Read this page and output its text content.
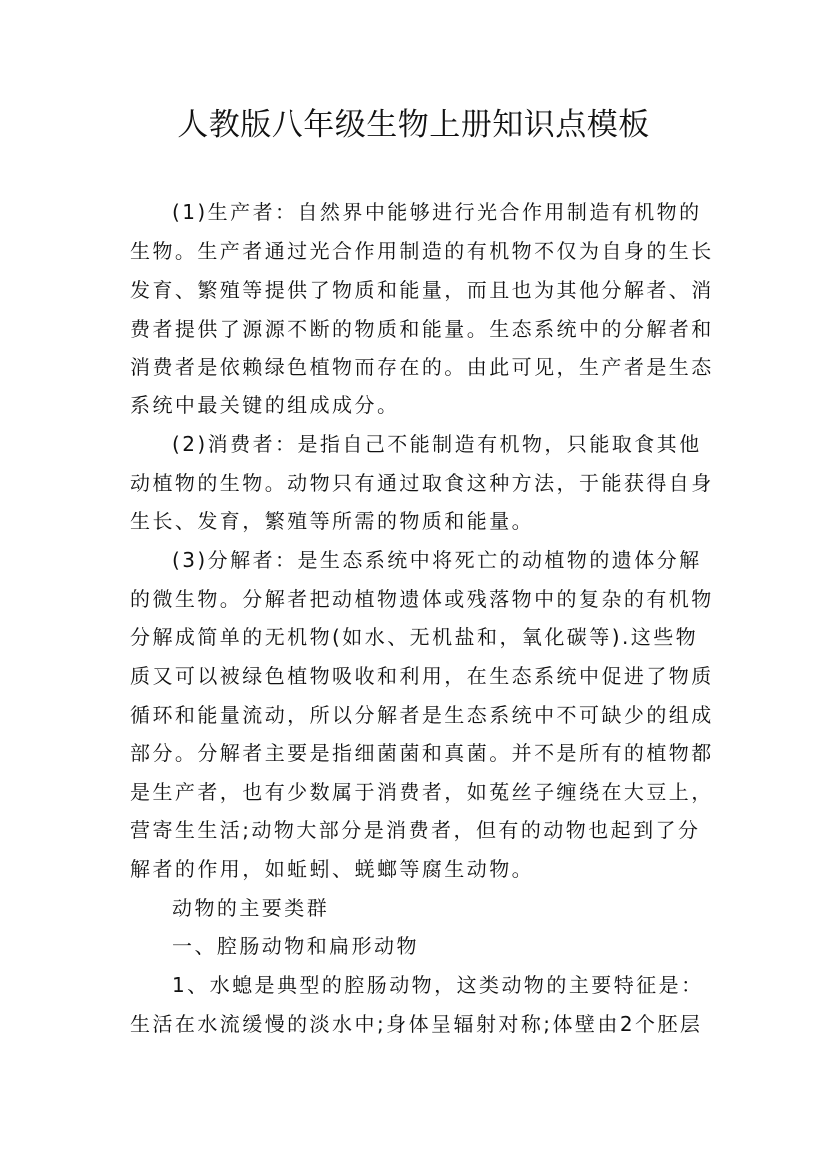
人教版八年级生物上册知识点模板

(1)生产者：自然界中能够进行光合作用制造有机物的

生物。生产者通过光合作用制造的有机物不仅为自身的生长

发育、繁殖等提供了物质和能量，而且也为其他分解者、消

费者提供了源源不断的物质和能量。生态系统中的分解者和

消费者是依赖绿色植物而存在的。由此可见，生产者是生态

系统中最关键的组成成分。

(2)消费者：是指自己不能制造有机物，只能取食其他

动植物的生物。动物只有通过取食这种方法，于能获得自身

生长、发育，繁殖等所需的物质和能量。

(3)分解者：是生态系统中将死亡的动植物的遗体分解

的微生物。分解者把动植物遗体或残落物中的复杂的有机物

分解成简单的无机物(如水、无机盐和，氧化碳等).这些物

质又可以被绿色植物吸收和利用，在生态系统中促进了物质

循环和能量流动，所以分解者是生态系统中不可缺少的组成

部分。分解者主要是指细菌菌和真菌。并不是所有的植物都

是生产者，也有少数属于消费者，如菟丝子缠绕在大豆上，

营寄生生活;动物大部分是消费者，但有的动物也起到了分

解者的作用，如蚯蚓、蜣螂等腐生动物。

动物的主要类群

一、腔肠动物和扁形动物

1、水螅是典型的腔肠动物，这类动物的主要特征是：

生活在水流缓慢的淡水中;身体呈辐射对称;体壁由2个胚层
